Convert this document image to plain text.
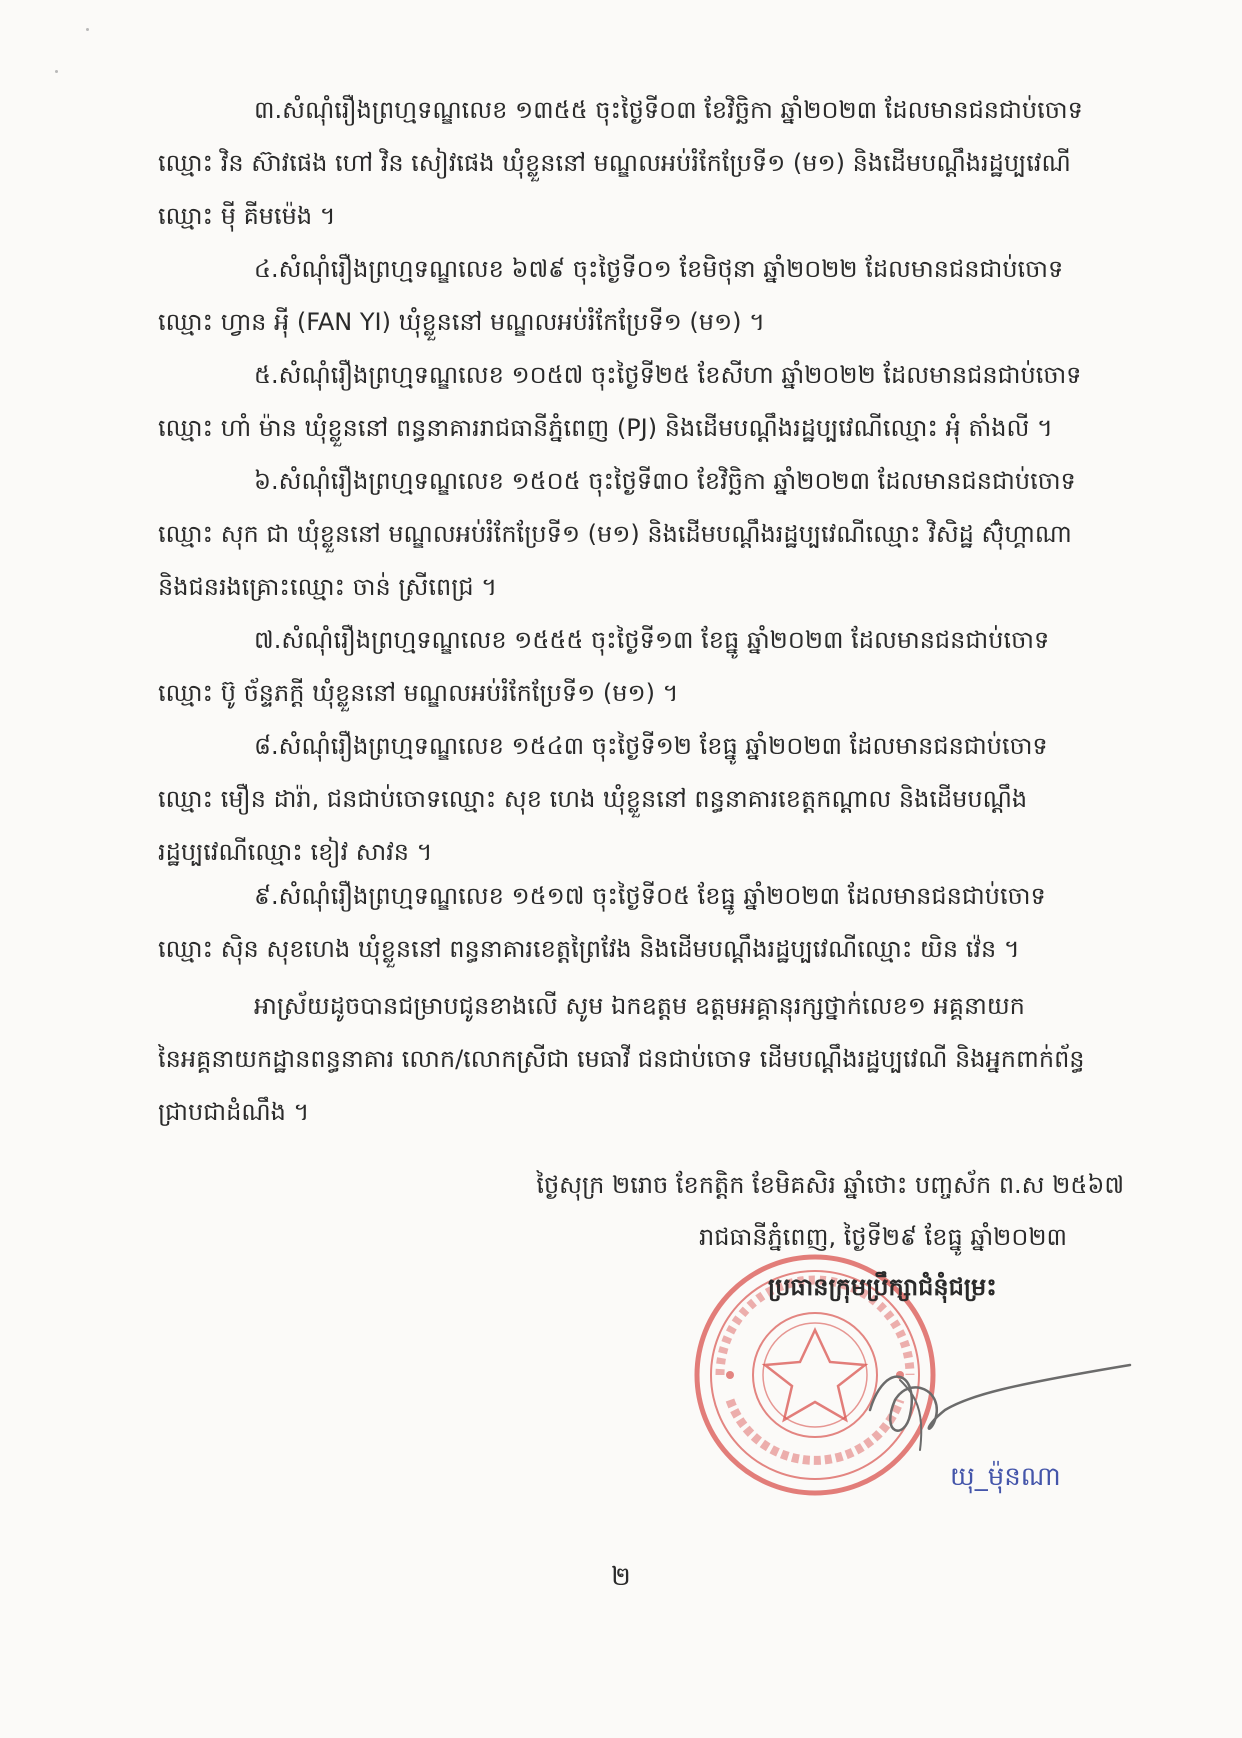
៣.សំណុំរឿងព្រហ្មទណ្ឌលេខ ១៣៥៥ ចុះថ្ងៃទី០៣ ខែវិច្ឆិកា ឆ្នាំ២០២៣ ដែលមានជនជាប់ចោទ
ឈ្មោះ វិន ស៊ាវផេង ហៅ វិន សៀវផេង ឃុំខ្លួននៅ មណ្ឌលអប់រំកែប្រែទី១ (ម១) និងដើមបណ្ដឹងរដ្ឋប្បវេណី
ឈ្មោះ ម៉ី គីមម៉េង ។
៤.សំណុំរឿងព្រហ្មទណ្ឌលេខ ៦៧៩ ចុះថ្ងៃទី០១ ខែមិថុនា ឆ្នាំ២០២២ ដែលមានជនជាប់ចោទ
ឈ្មោះ ហ្វាន អុី (FAN YI) ឃុំខ្លួននៅ មណ្ឌលអប់រំកែប្រែទី១ (ម១) ។
៥.សំណុំរឿងព្រហ្មទណ្ឌលេខ ១០៥៧ ចុះថ្ងៃទី២៥ ខែសីហា ឆ្នាំ២០២២ ដែលមានជនជាប់ចោទ
ឈ្មោះ ហាំ ម៉ាន ឃុំខ្លួននៅ ពន្ធនាគាររាជធានីភ្នំពេញ (PJ) និងដើមបណ្ដឹងរដ្ឋប្បវេណីឈ្មោះ អុំ តាំងលី ។
៦.សំណុំរឿងព្រហ្មទណ្ឌលេខ ១៥០៥ ចុះថ្ងៃទី៣០ ខែវិច្ឆិកា ឆ្នាំ២០២៣ ដែលមានជនជាប់ចោទ
ឈ្មោះ សុក ជា ឃុំខ្លួននៅ មណ្ឌលអប់រំកែប្រែទី១ (ម១) និងដើមបណ្ដឹងរដ្ឋប្បវេណីឈ្មោះ វិសិដ្ឋ ស៊ុំហ្គាណា
និងជនរងគ្រោះឈ្មោះ ចាន់ ស្រីពេជ្រ ។
៧.សំណុំរឿងព្រហ្មទណ្ឌលេខ ១៥៥៥ ចុះថ្ងៃទី១៣ ខែធ្នូ ឆ្នាំ២០២៣ ដែលមានជនជាប់ចោទ
ឈ្មោះ ប៊ូ ច័ន្ទភក្ដី ឃុំខ្លួននៅ មណ្ឌលអប់រំកែប្រែទី១ (ម១) ។
៨.សំណុំរឿងព្រហ្មទណ្ឌលេខ ១៥៤៣ ចុះថ្ងៃទី១២ ខែធ្នូ ឆ្នាំ២០២៣ ដែលមានជនជាប់ចោទ
ឈ្មោះ មឿន ដារ៉ា, ជនជាប់ចោទឈ្មោះ សុខ ហេង ឃុំខ្លួននៅ ពន្ធនាគារខេត្តកណ្ដាល និងដើមបណ្ដឹង
រដ្ឋប្បវេណីឈ្មោះ ខៀវ សាវន ។
៩.សំណុំរឿងព្រហ្មទណ្ឌលេខ ១៥១៧ ចុះថ្ងៃទី០៥ ខែធ្នូ ឆ្នាំ២០២៣ ដែលមានជនជាប់ចោទ
ឈ្មោះ ស៊ិន សុខហេង ឃុំខ្លួននៅ ពន្ធនាគារខេត្តព្រៃវែង និងដើមបណ្ដឹងរដ្ឋប្បវេណីឈ្មោះ យិន វ៉េន ។
អាស្រ័យដូចបានជម្រាបជូនខាងលើ សូម ឯកឧត្ដម ឧត្ដមអគ្គានុរក្សថ្នាក់លេខ១ អគ្គនាយក
នៃអគ្គនាយកដ្ឋានពន្ធនាគារ លោក/លោកស្រីជា មេធាវី ជនជាប់ចោទ ដើមបណ្ដឹងរដ្ឋប្បវេណី និងអ្នកពាក់ព័ន្ធ
ជ្រាបជាដំណឹង ។
ថ្ងៃសុក្រ ២រោច ខែកត្តិក ខែមិគសិរ ឆ្នាំថោះ បញ្ចស័ក ព.ស ២៥៦៧
រាជធានីភ្នំពេញ, ថ្ងៃទី២៩ ខែធ្នូ ឆ្នាំ២០២៣
ប្រធានក្រុមប្រឹក្សាជំនុំជម្រះ
យុ_ម៉ុនណា
២
